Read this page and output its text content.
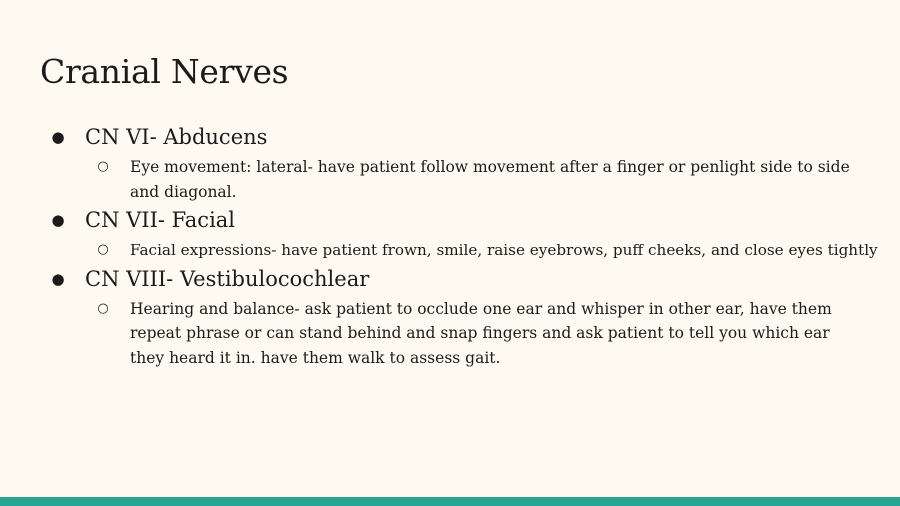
Cranial Nerves
● CN VI- Abducens
○ Eye movement: lateral- have patient follow movement after a finger or penlight side to side and diagonal.
● CN VII- Facial
○ Facial expressions- have patient frown, smile, raise eyebrows, puff cheeks, and close eyes tightly
● CN VIII- Vestibulocochlear
○ Hearing and balance- ask patient to occlude one ear and whisper in other ear, have them repeat phrase or can stand behind and snap fingers and ask patient to tell you which ear they heard it in. have them walk to assess gait.
